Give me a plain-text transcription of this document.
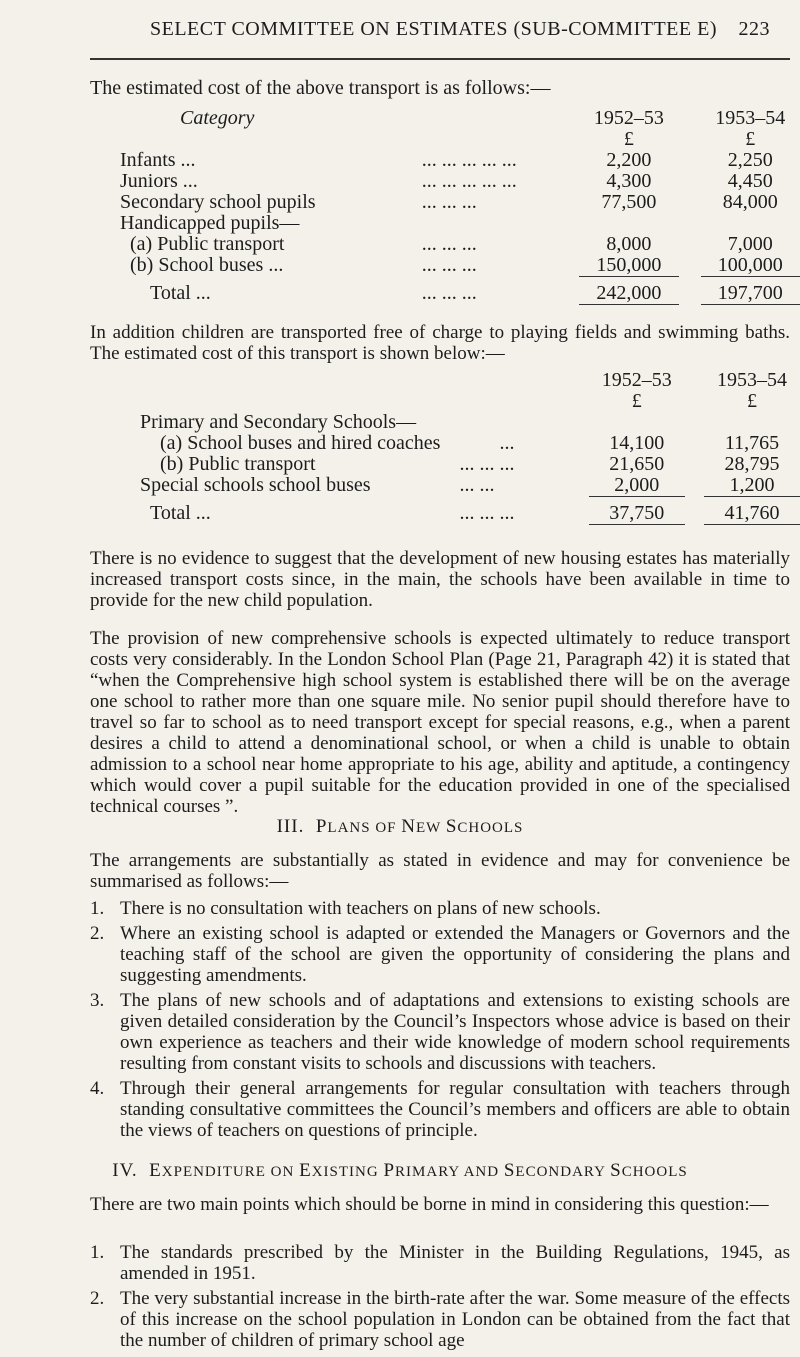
SELECT COMMITTEE ON ESTIMATES (SUB-COMMITTEE E) 223

The estimated cost of the above transport is as follows:—

Category			1952–53		1953–54
			£		£
Infants ...	... ... ... ... ...		2,200		2,250
Juniors ...	... ... ... ... ...		4,300		4,450
Secondary school pupils	... ... ...		77,500		84,000
Handicapped pupils—					
(a) Public transport	... ... ...		8,000		7,000
(b) School buses ...	... ... ...		150,000		100,000
Total ...	... ... ...		242,000		197,700

In addition children are transported free of charge to playing fields and swimming baths. The estimated cost of this transport is shown below:—

			1952–53		1953–54
			£		£
Primary and Secondary Schools—					
(a) School buses and hired coaches	...		14,100		11,765
(b) Public transport	... ... ...		21,650		28,795
Special schools school buses	... ...		2,000		1,200
Total ...	... ... ...		37,750		41,760

There is no evidence to suggest that the development of new housing estates has materially increased transport costs since, in the main, the schools have been available in time to provide for the new child population.

The provision of new comprehensive schools is expected ultimately to reduce transport costs very considerably. In the London School Plan (Page 21, Paragraph 42) it is stated that “when the Comprehensive high school system is established there will be on the average one school to rather more than one square mile. No senior pupil should therefore have to travel so far to school as to need transport except for special reasons, e.g., when a parent desires a child to attend a denominational school, or when a child is unable to obtain admission to a school near home appropriate to his age, ability and aptitude, a contingency which would cover a pupil suitable for the education provided in one of the specialised technical courses ”.

III. PLANS OF NEW SCHOOLS

The arrangements are substantially as stated in evidence and may for convenience be summarised as follows:—

1. There is no consultation with teachers on plans of new schools.
2. Where an existing school is adapted or extended the Managers or Governors and the teaching staff of the school are given the opportunity of considering the plans and suggesting amendments.
3. The plans of new schools and of adaptations and extensions to existing schools are given detailed consideration by the Council’s Inspectors whose advice is based on their own experience as teachers and their wide knowledge of modern school requirements resulting from constant visits to schools and discussions with teachers.
4. Through their general arrangements for regular consultation with teachers through standing consultative committees the Council’s members and officers are able to obtain the views of teachers on questions of principle.
IV. EXPENDITURE ON EXISTING PRIMARY AND SECONDARY SCHOOLS

There are two main points which should be borne in mind in considering this question:—

1. The standards prescribed by the Minister in the Building Regulations, 1945, as amended in 1951.
2. The very substantial increase in the birth-rate after the war. Some measure of the effects of this increase on the school population in London can be obtained from the fact that the number of children of primary school age
